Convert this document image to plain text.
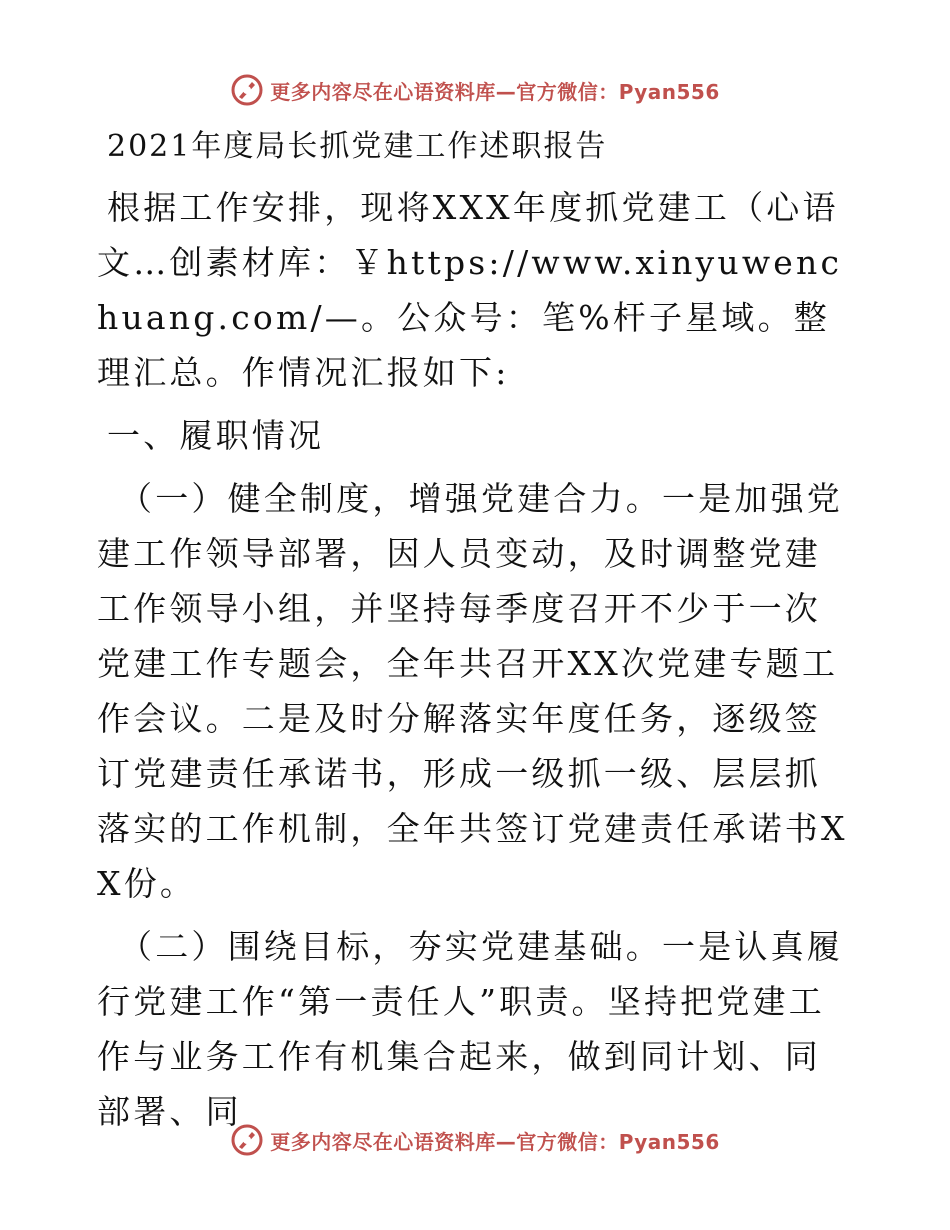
更多内容尽在心语资料库—官方微信：Pyan556
2021年度局长抓党建工作述职报告

根据工作安排，现将XXX年度抓党建工（心语文…创素材库：￥https://www.xinyuwenchuang.com/—。公众号：笔%杆子星域。整理汇总。作情况汇报如下:

一、履职情况

（一）健全制度，增强党建合力。一是加强党建工作领导部署，因人员变动，及时调整党建工作领导小组，并坚持每季度召开不少于一次党建工作专题会，全年共召开XX次党建专题工作会议。二是及时分解落实年度任务，逐级签订党建责任承诺书，形成一级抓一级、层层抓落实的工作机制，全年共签订党建责任承诺书XX份。

（二）围绕目标，夯实党建基础。一是认真履行党建工作“第一责任人”职责。坚持把党建工作与业务工作有机集合起来，做到同计划、同部署、同

更多内容尽在心语资料库—官方微信：Pyan556
